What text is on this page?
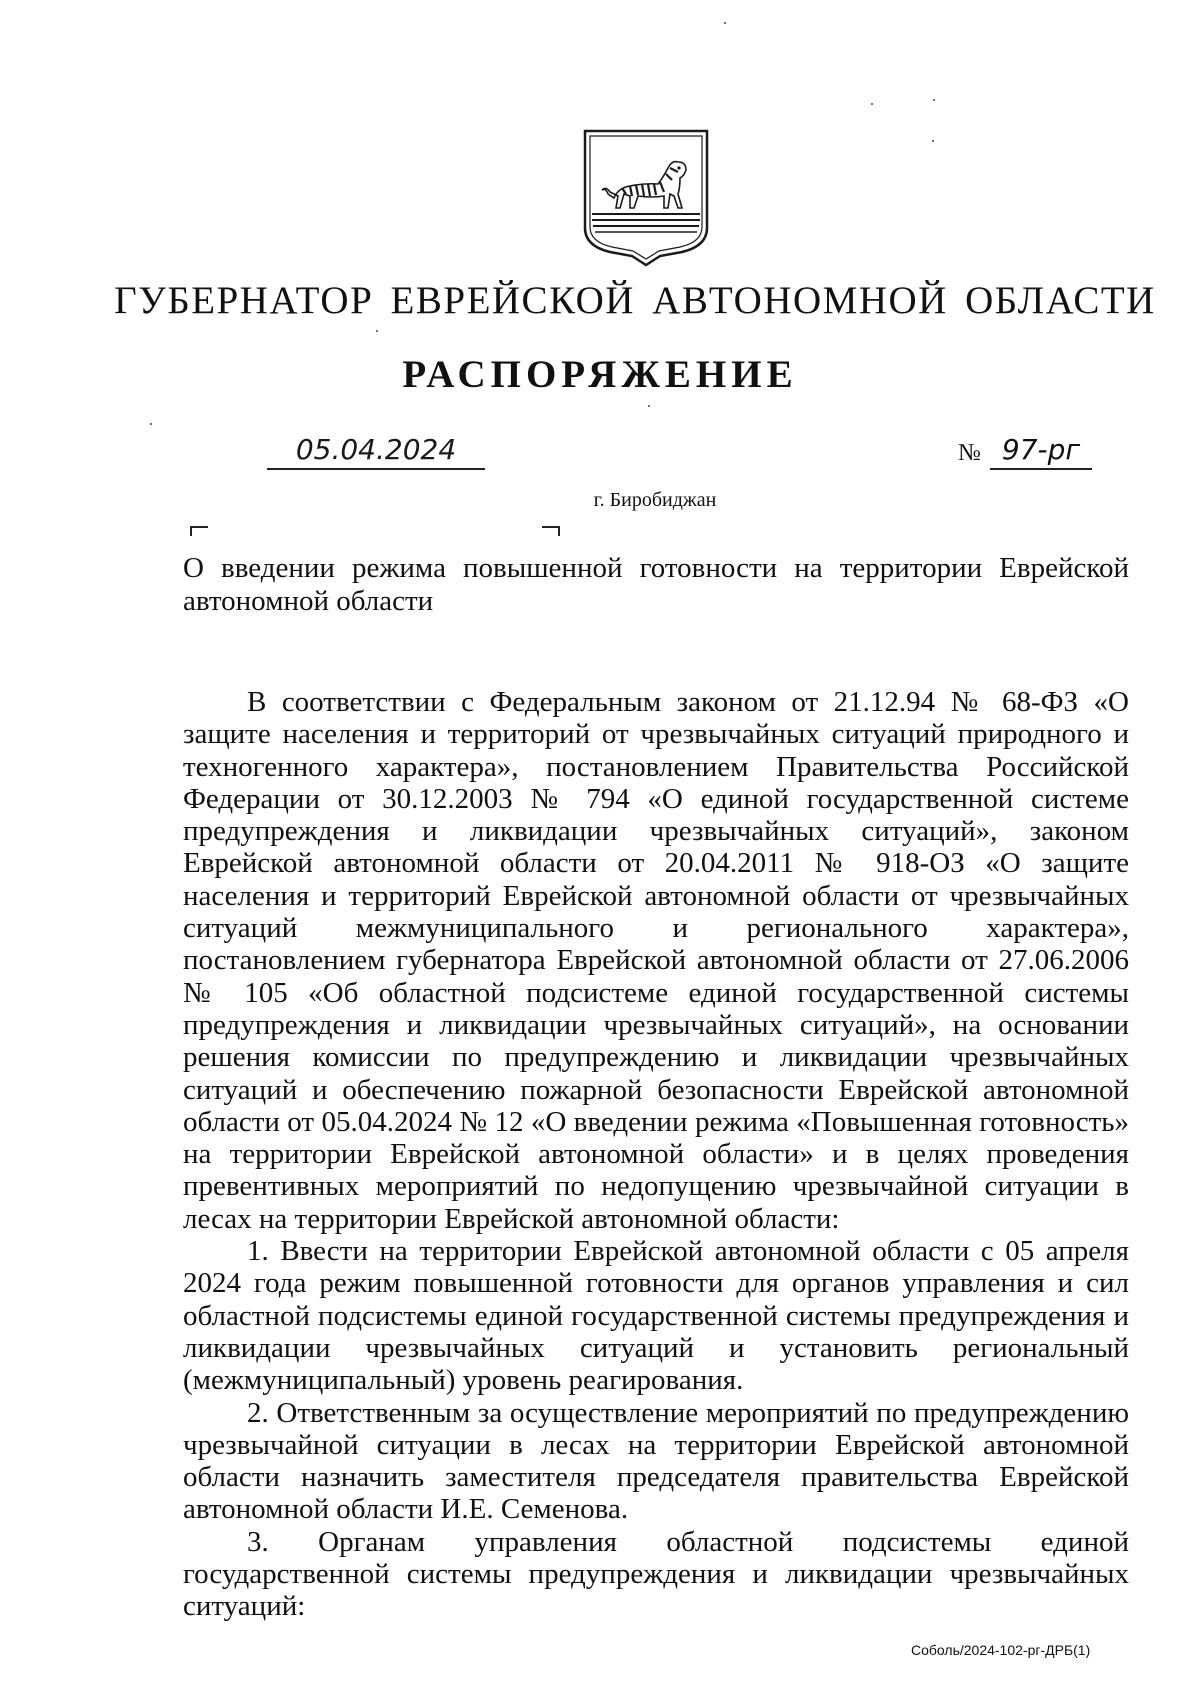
ГУБЕРНАТОР ЕВРЕЙСКОЙ АВТОНОМНОЙ ОБЛАСТИ
РАСПОРЯЖЕНИЕ
05.04.2024	№ 97-рг
г. Биробиджан
О введении режима повышенной готовности на территории Еврейской автономной области

В соответствии с Федеральным законом от 21.12.94 № 68-ФЗ «О защите населения и территорий от чрезвычайных ситуаций природного и техногенного характера», постановлением Правительства Российской Федерации от 30.12.2003 № 794 «О единой государственной системе предупреждения и ликвидации чрезвычайных ситуаций», законом Еврейской автономной области от 20.04.2011 № 918-ОЗ «О защите населения и территорий Еврейской автономной области от чрезвычайных ситуаций межмуниципального и регионального характера», постановлением губернатора Еврейской автономной области от 27.06.2006 № 105 «Об областной подсистеме единой государственной системы предупреждения и ликвидации чрезвычайных ситуаций», на основании решения комиссии по предупреждению и ликвидации чрезвычайных ситуаций и обеспечению пожарной безопасности Еврейской автономной области от 05.04.2024 № 12 «О введении режима «Повышенная готовность» на территории Еврейской автономной области» и в целях проведения превентивных мероприятий по недопущению чрезвычайной ситуации в лесах на территории Еврейской автономной области:

1. Ввести на территории Еврейской автономной области с 05 апреля 2024 года режим повышенной готовности для органов управления и сил областной подсистемы единой государственной системы предупреждения и ликвидации чрезвычайных ситуаций и установить региональный (межмуниципальный) уровень реагирования.

2. Ответственным за осуществление мероприятий по предупреждению чрезвычайной ситуации в лесах на территории Еврейской автономной области назначить заместителя председателя правительства Еврейской автономной области И.Е. Семенова.

3. Органам управления областной подсистемы единой государственной системы предупреждения и ликвидации чрезвычайных ситуаций:

Соболь/2024-102-рг-ДРБ(1)
